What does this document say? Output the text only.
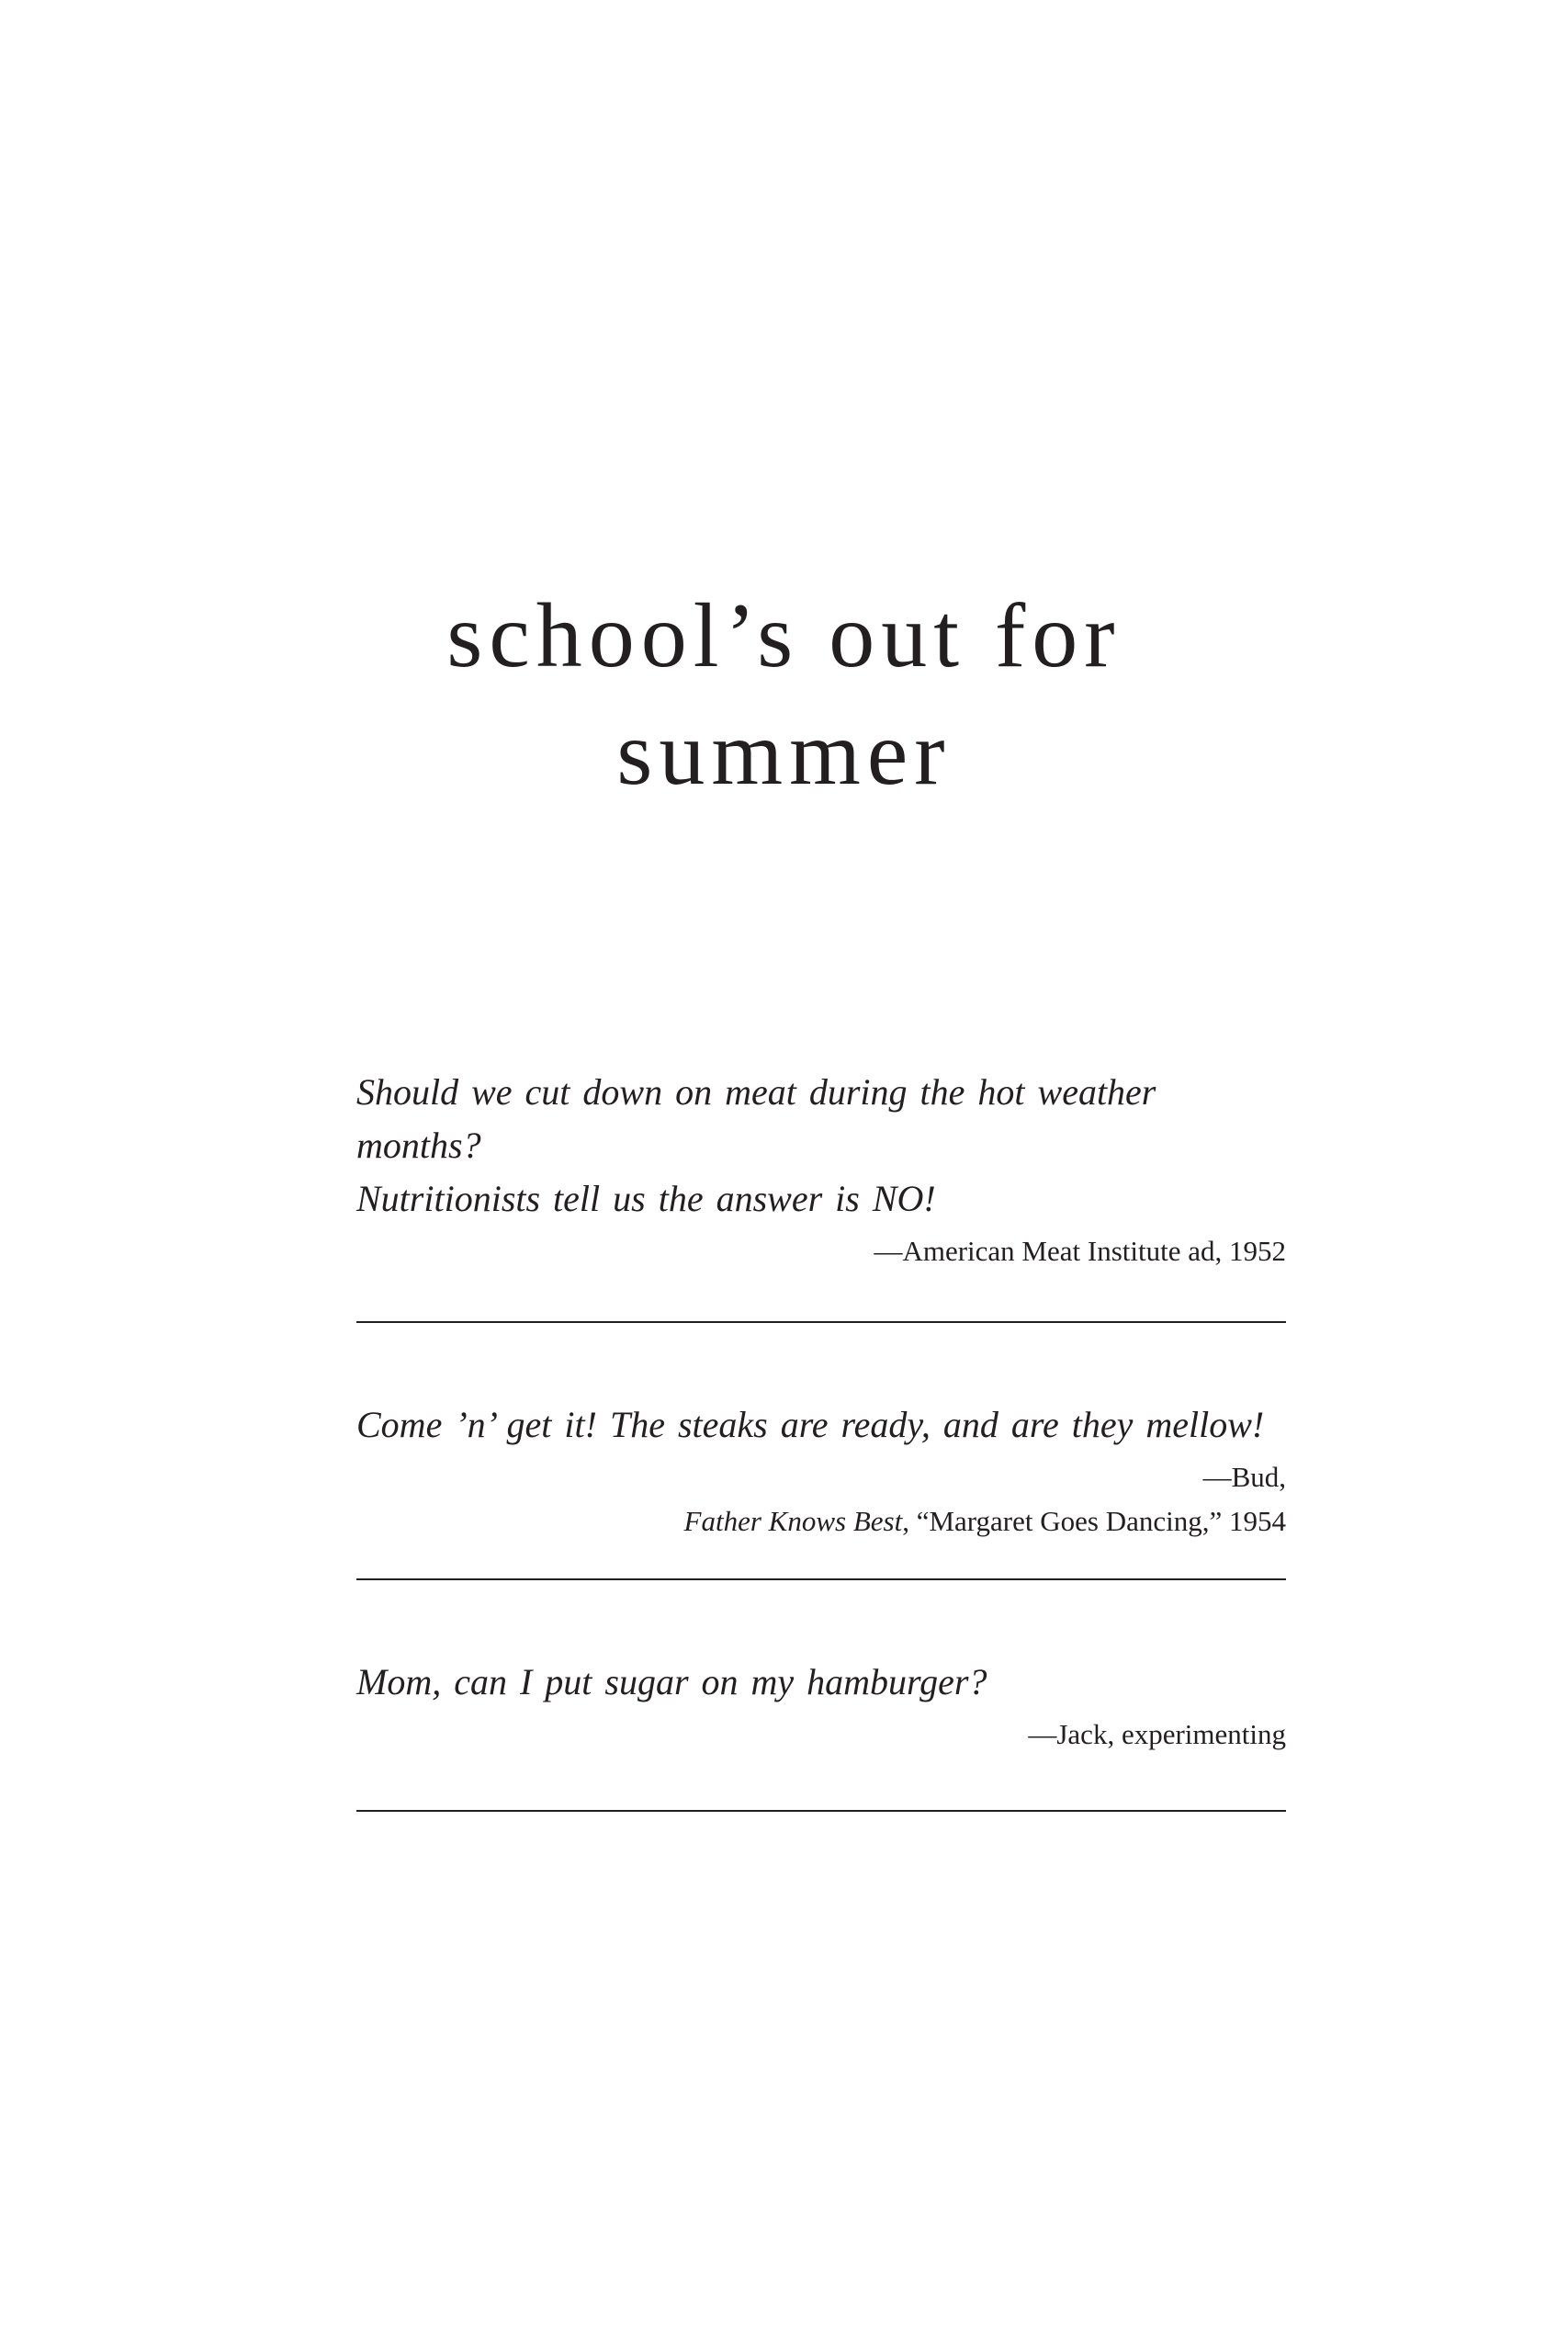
school’s out for
summer

Should we cut down on meat during the hot weather months?
Nutritionists tell us the answer is NO!

—American Meat Institute ad, 1952

Come ’n’ get it! The steaks are ready, and are they mellow!

—Bud,

Father Knows Best, “Margaret Goes Dancing,” 1954

Mom, can I put sugar on my hamburger?

—Jack, experimenting
